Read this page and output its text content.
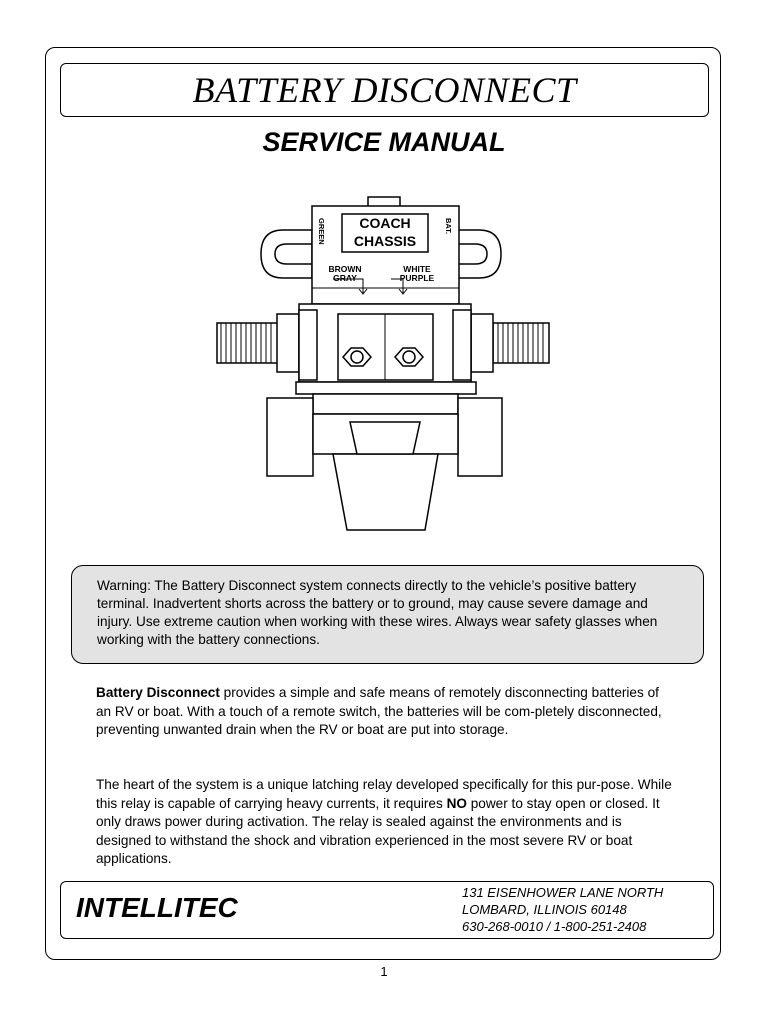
BATTERY DISCONNECT
SERVICE MANUAL
COACH
CHASSIS
GREEN	BAT.
BROWN
GRAY
WHITE
PURPLE
Warning: The Battery Disconnect system connects directly to the vehicle’s positive battery terminal. Inadvertent shorts across the battery or to ground, may cause severe damage and injury. Use extreme caution when working with these wires. Always wear safety glasses when working with the battery connections.
Battery Disconnect provides a simple and safe means of remotely disconnecting batteries of an RV or boat. With a touch of a remote switch, the batteries will be com-pletely disconnected, preventing unwanted drain when the RV or boat are put into storage.
The heart of the system is a unique latching relay developed specifically for this pur-pose. While this relay is capable of carrying heavy currents, it requires NO power to stay open or closed. It only draws power during activation. The relay is sealed against the environments and is designed to withstand the shock and vibration experienced in the most severe RV or boat applications.
INTELLITEC	131 EISENHOWER LANE NORTH
LOMBARD, ILLINOIS 60148
630-268-0010 / 1-800-251-2408
1
